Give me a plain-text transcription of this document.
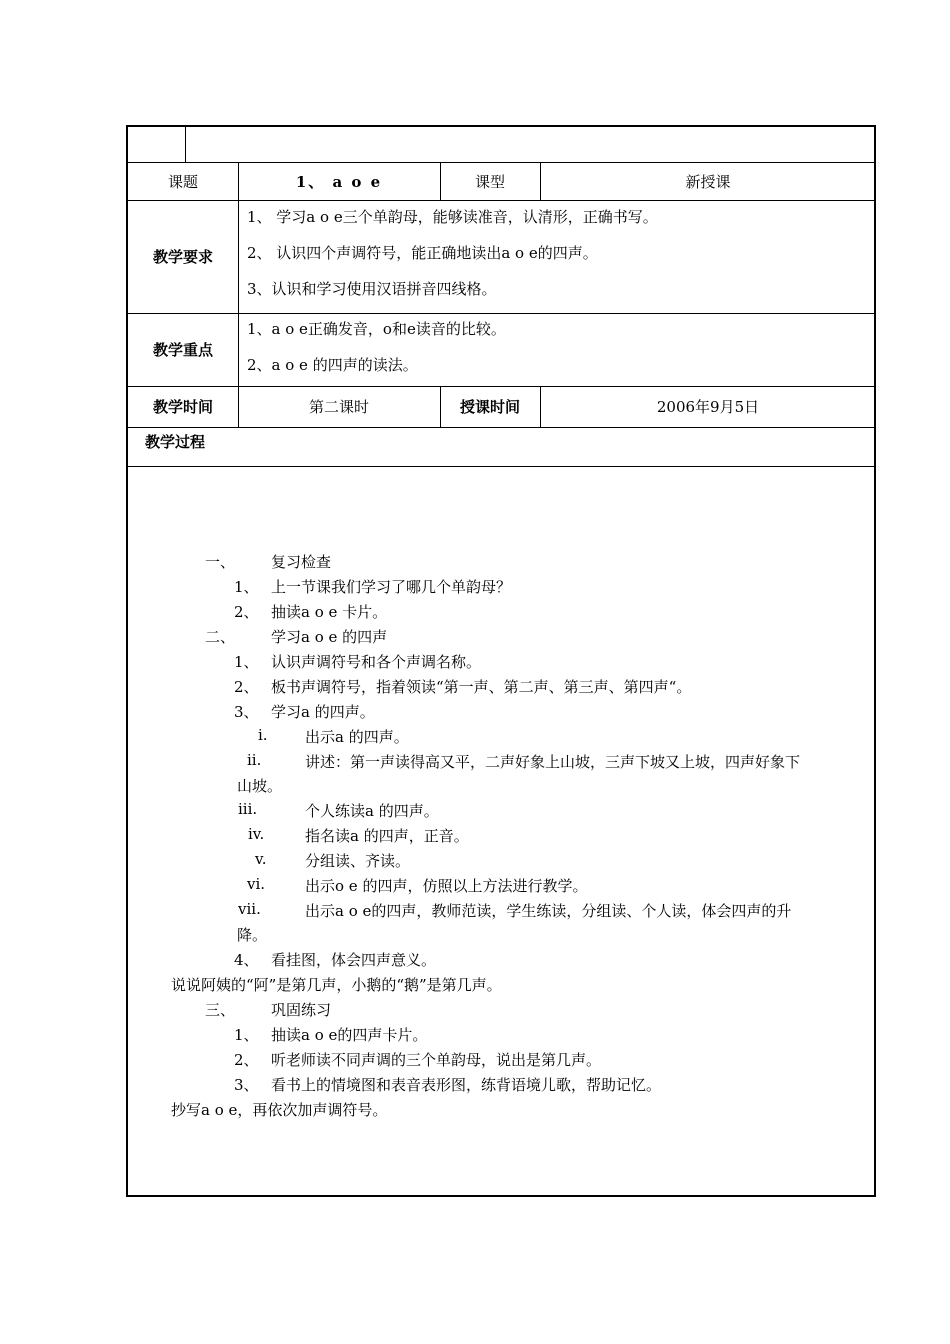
课题	1、 a o e	课型	新授课
教学要求
1、 学习a o e三个单韵母，能够读准音，认清形，正确书写。
2、 认识四个声调符号，能正确地读出a o e的四声。
3、认识和学习使用汉语拼音四线格。
教学重点
1、a o e正确发音，o和e读音的比较。
2、a o e 的四声的读法。
教学时间	第二课时	授课时间	2006年9月5日
教学过程
一、 复习检查
1、 上一节课我们学习了哪几个单韵母？
2、 抽读a o e 卡片。
二、 学习a o e 的四声
1、 认识声调符号和各个声调名称。
2、 板书声调符号，指着领读“第一声、第二声、第三声、第四声“。
3、 学习a 的四声。
i. 出示a 的四声。
ii.	讲述：第一声读得高又平，二声好象上山坡，三声下坡又上坡，四声好象下
山坡。
iii.	个人练读a 的四声。
iv.	指名读a 的四声，正音。
v.	分组读、齐读。
vi.	出示o e 的四声，仿照以上方法进行教学。
vii.	出示a o e的四声，教师范读，学生练读，分组读、个人读，体会四声的升
降。
4、 看挂图，体会四声意义。
说说阿姨的“阿”是第几声，小鹅的“鹅”是第几声。
三、 巩固练习
1、 抽读a o e的四声卡片。
2、 听老师读不同声调的三个单韵母，说出是第几声。
3、 看书上的情境图和表音表形图，练背语境儿歌，帮助记忆。
抄写a o e，再依次加声调符号。
